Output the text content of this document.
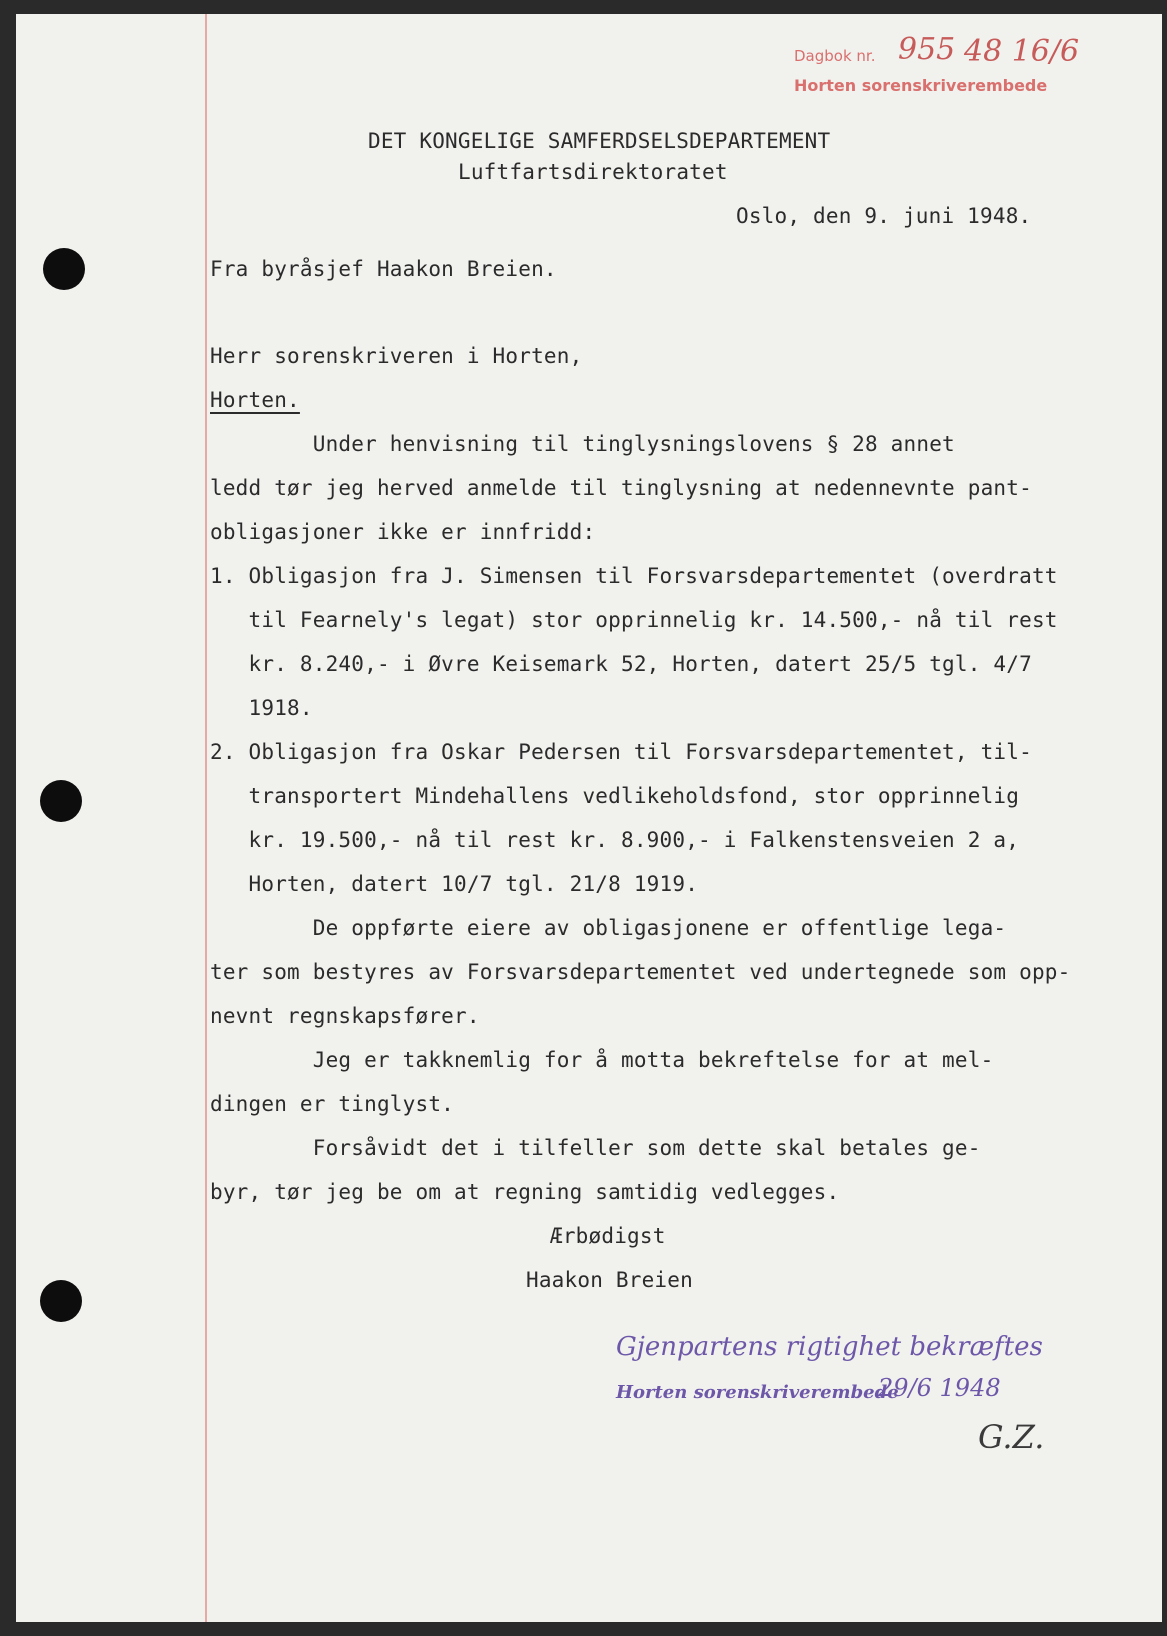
Dagbok nr. 955 48 16/6
Horten sorenskriverembede

DET KONGELIGE SAMFERDSELSDEPARTEMENT

Luftfartsdirektoratet

Oslo, den 9. juni 1948.

Fra byråsjef Haakon Breien.

Herr sorenskriveren i Horten,

Horten.

Under henvisning til tinglysningslovens § 28 annet

ledd tør jeg herved anmelde til tinglysning at nedennevnte pant-

obligasjoner ikke er innfridd:

1. Obligasjon fra J. Simensen til Forsvarsdepartementet (overdratt

til Fearnely's legat) stor opprinnelig kr. 14.500,- nå til rest

kr. 8.240,- i Øvre Keisemark 52, Horten, datert 25/5 tgl. 4/7

1918.

2. Obligasjon fra Oskar Pedersen til Forsvarsdepartementet, til-

transportert Mindehallens vedlikeholdsfond, stor opprinnelig

kr. 19.500,- nå til rest kr. 8.900,- i Falkenstensveien 2 a,

Horten, datert 10/7 tgl. 21/8 1919.

De oppførte eiere av obligasjonene er offentlige lega-

ter som bestyres av Forsvarsdepartementet ved undertegnede som opp-

nevnt regnskapsfører.

Jeg er takknemlig for å motta bekreftelse for at mel-

dingen er tinglyst.

Forsåvidt det i tilfeller som dette skal betales ge-

byr, tør jeg be om at regning samtidig vedlegges.

Ærbødigst

Haakon Breien

Gjenpartens rigtighet bekræftes
Horten sorenskriverembede
29/6 1948
G.Z.
